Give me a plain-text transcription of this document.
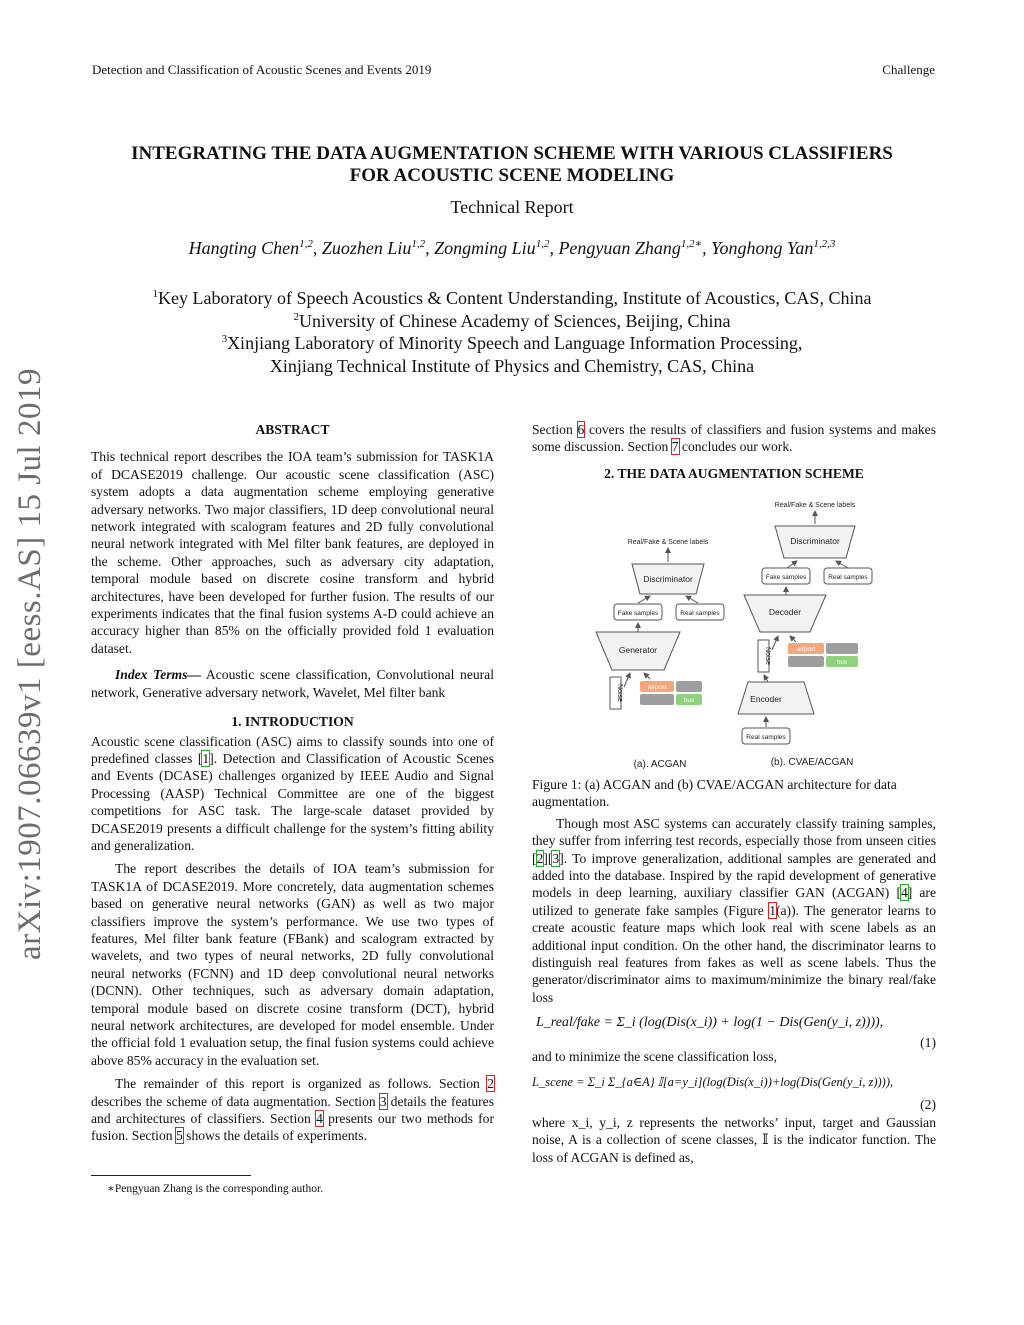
Detection and Classification of Acoustic Scenes and Events 2019	Challenge
arXiv:1907.06639v1 [eess.AS] 15 Jul 2019
INTEGRATING THE DATA AUGMENTATION SCHEME WITH VARIOUS CLASSIFIERS
FOR ACOUSTIC SCENE MODELING
Technical Report
Hangting Chen$^{1,2}$, Zuozhen Liu$^{1,2}$, Zongming Liu$^{1,2}$, Pengyuan Zhang$^{1,2∗}$, Yonghong Yan$^{1,2,3}$
$^1$Key Laboratory of Speech Acoustics & Content Understanding, Institute of Acoustics, CAS, China
$^2$University of Chinese Academy of Sciences, Beijing, China
$^3$Xinjiang Laboratory of Minority Speech and Language Information Processing,
Xinjiang Technical Institute of Physics and Chemistry, CAS, China
ABSTRACT

This technical report describes the IOA team’s submission for TASK1A of DCASE2019 challenge. Our acoustic scene classification (ASC) system adopts a data augmentation scheme employing generative adversary networks. Two major classifiers, 1D deep convolutional neural network integrated with scalogram features and 2D fully convolutional neural network integrated with Mel filter bank features, are deployed in the scheme. Other approaches, such as adversary city adaptation, temporal module based on discrete cosine transform and hybrid architectures, have been developed for further fusion. The results of our experiments indicates that the final fusion systems A-D could achieve an accuracy higher than 85% on the officially provided fold 1 evaluation dataset.

Index Terms— Acoustic scene classification, Convolutional neural network, Generative adversary network, Wavelet, Mel filter bank

1. INTRODUCTION

Acoustic scene classification (ASC) aims to classify sounds into one of predefined classes [1]. Detection and Classification of Acoustic Scenes and Events (DCASE) challenges organized by IEEE Audio and Signal Processing (AASP) Technical Committee are one of the biggest competitions for ASC task. The large-scale dataset provided by DCASE2019 presents a difficult challenge for the system’s fitting ability and generalization.

The report describes the details of IOA team’s submission for TASK1A of DCASE2019. More concretely, data augmentation schemes based on generative neural networks (GAN) as well as two major classifiers improve the system’s performance. We use two types of features, Mel filter bank feature (FBank) and scalogram extracted by wavelets, and two types of neural networks, 2D fully convolutional neural networks (FCNN) and 1D deep convolutional neural networks (DCNN). Other techniques, such as adversary domain adaptation, temporal module based on discrete cosine transform (DCT), hybrid neural network architectures, are developed for model ensemble. Under the official fold 1 evaluation setup, the final fusion systems could achieve above 85% accuracy in the evaluation set.

The remainder of this report is organized as follows. Section 2 describes the scheme of data augmentation. Section 3 details the features and architectures of classifiers. Section 4 presents our two methods for fusion. Section 5 shows the details of experiments.

∗Pengyuan Zhang is the corresponding author.

Section 6 covers the results of classifiers and fusion systems and makes some discussion. Section 7 concludes our work.

2. THE DATA AUGMENTATION SCHEME
Real/Fake & Scene labels
Discriminator
Fake samples	Real samples
Generator
Noise	airport
bus
(a). ACGAN
Real/Fake & Scene labels
Discriminator
Fake samples	Real samples
Decoder
Noise	airport
bus
Encoder
Real samples
(b). CVAE/ACGAN

Figure 1: (a) ACGAN and (b) CVAE/ACGAN architecture for data augmentation.

Though most ASC systems can accurately classify training samples, they suffer from inferring test records, especially those from unseen cities [2][3]. To improve generalization, additional samples are generated and added into the database. Inspired by the rapid development of generative models in deep learning, auxiliary classifier GAN (ACGAN) [4] are utilized to generate fake samples (Figure 1(a)). The generator learns to create acoustic feature maps which look real with scene labels as an additional input condition. On the other hand, the discriminator learns to distinguish real features from fakes as well as scene labels. Thus the generator/discriminator aims to maximum/minimize the binary real/fake loss

L_real/fake = Σ_i (log(Dis(x_i)) + log(1 − Dis(Gen(y_i, z)))),
(1)

and to minimize the scene classification loss,

L_scene = Σ_i Σ_{a∈A} 𝕀[a=y_i](log(Dis(x_i))+log(Dis(Gen(y_i, z)))),
(2)

where x_i, y_i, z represents the networks’ input, target and Gaussian noise, A is a collection of scene classes, 𝕀 is the indicator function. The loss of ACGAN is defined as,
